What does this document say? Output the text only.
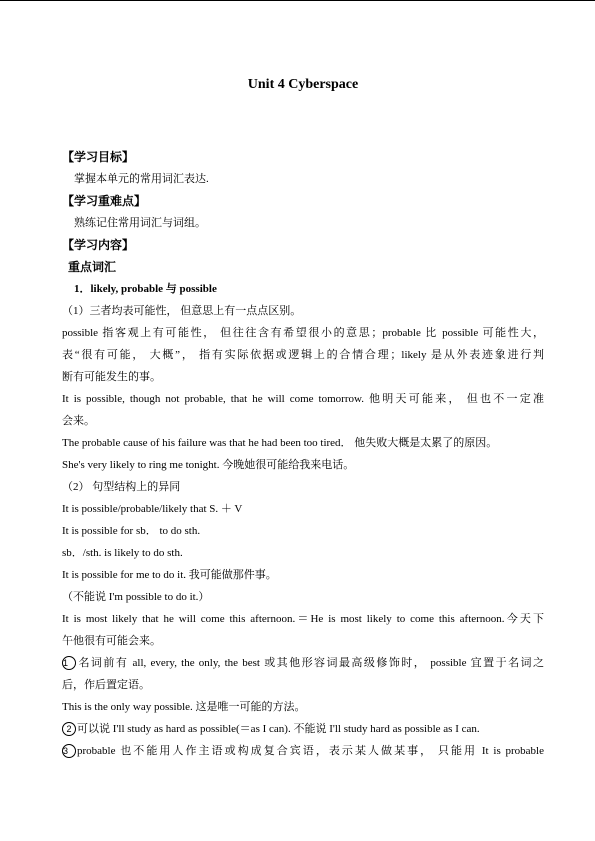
Unit 4 Cyberspace
【学习目标】
掌握本单元的常用词汇表达.
【学习重难点】
熟练记住常用词汇与词组。
【学习内容】
重点词汇
1．likely, probable 与 possible
（1）三者均表可能性， 但意思上有一点点区别。
possible 指客观上有可能性， 但往往含有希望很小的意思；probable 比 possible 可能性大，
表“很有可能， 大概”， 指有实际依据或逻辑上的合情合理；likely 是从外表迹象进行判
断有可能发生的事。
It is possible, though not probable, that he will come tomorrow. 他明天可能来， 但也不一定准
会来。
The probable cause of his failure was that he had been too tired． 他失败大概是太累了的原因。
She's very likely to ring me tonight. 今晚她很可能给我来电话。
（2） 句型结构上的异同
It is possible/probable/likely that S. ＋ V
It is possible for sb． to do sth.
sb．/sth. is likely to do sth.
It is possible for me to do it. 我可能做那件事。
（不能说 I'm possible to do it.）
It is most likely that he will come this afternoon.＝He is most likely to come this afternoon.今天下
午他很有可能会来。
1 名词前有 all, every, the only, the best 或其他形容词最高级修饰时， possible 宜置于名词之
后，作后置定语。
This is the only way possible. 这是唯一可能的方法。
2 可以说 I'll study as hard as possible(＝as I can). 不能说 I'll study hard as possible as I can.
3 probable 也不能用人作主语或构成复合宾语，表示某人做某事， 只能用 It is probable
